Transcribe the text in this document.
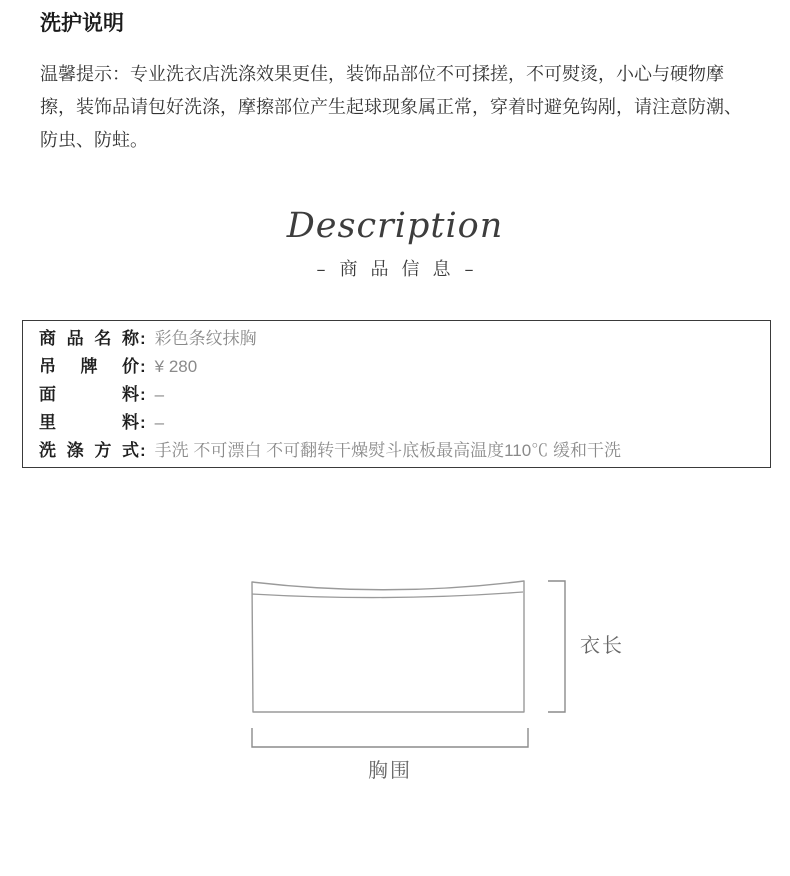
洗护说明

温馨提示：专业洗衣店洗涤效果更佳，装饰品部位不可揉搓，不可熨烫，小心与硬物摩擦，装饰品请包好洗涤，摩擦部位产生起球现象属正常，穿着时避免钩剐，请注意防潮、防虫、防蛀。

Description
– 商品信息 –
商 品 名 称 : 彩色条纹抹胸
吊 牌 价 : ¥ 280
面	料 : –
里	料 : –
洗 涤 方 式 : 手洗 不可漂白 不可翻转干燥熨斗底板最高温度110℃ 缓和干洗
衣长
胸围
